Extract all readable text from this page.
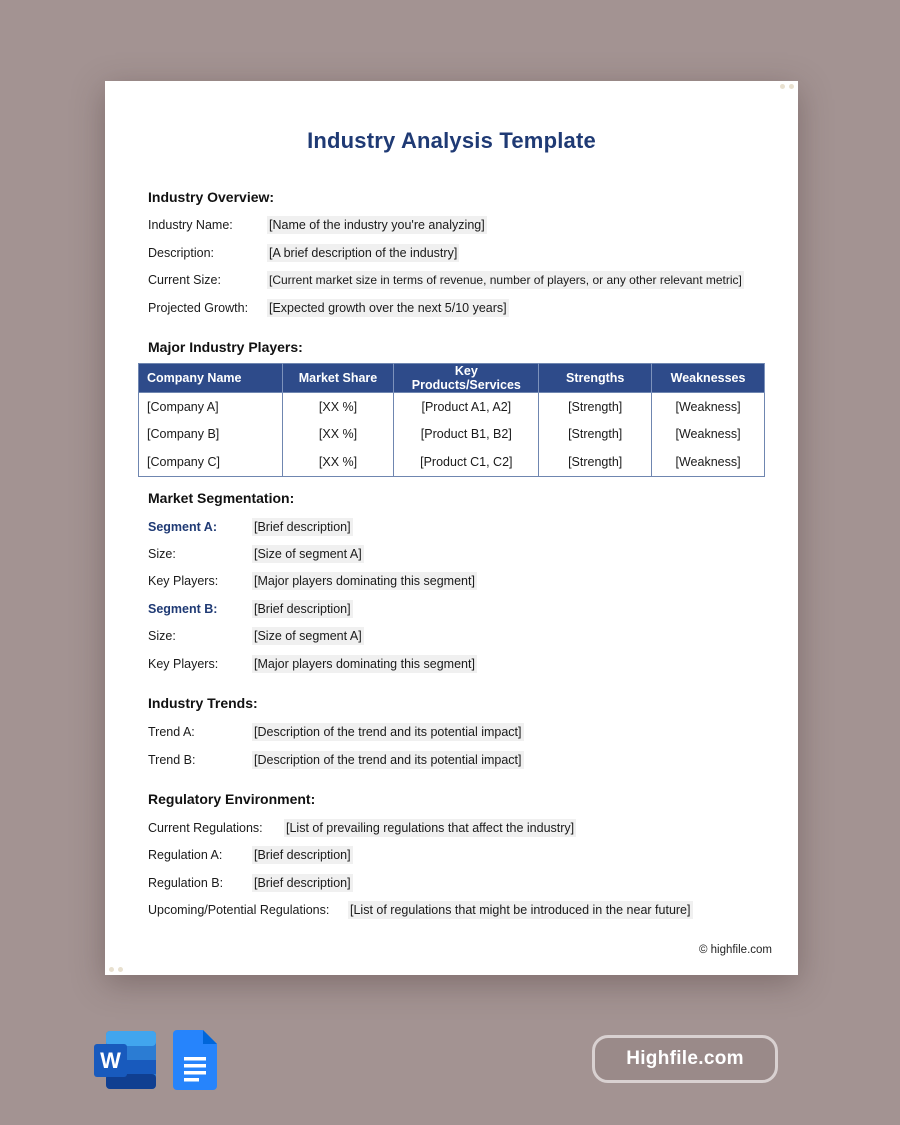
Industry Analysis Template
Industry Overview:
Industry Name:	[Name of the industry you're analyzing]
Description:	[A brief description of the industry]
Current Size:	[Current market size in terms of revenue, number of players, or any other relevant metric]
Projected Growth: [Expected growth over the next 5/10 years]
Major Industry Players:
Company Name	Market Share	Key Products/Services	Strengths	Weaknesses
[Company A]	[XX %]	[Product A1, A2]	[Strength]	[Weakness]
[Company B]	[XX %]	[Product B1, B2]	[Strength]	[Weakness]
[Company C]	[XX %]	[Product C1, C2]	[Strength]	[Weakness]
Market Segmentation:
Segment A:	[Brief description]
Size:	[Size of segment A]
Key Players:	[Major players dominating this segment]
Segment B:	[Brief description]
Size:	[Size of segment A]
Key Players:	[Major players dominating this segment]
Industry Trends:
Trend A:	[Description of the trend and its potential impact]
Trend B:	[Description of the trend and its potential impact]
Regulatory Environment:
Current Regulations: [List of prevailing regulations that affect the industry]
Regulation A:	[Brief description]
Regulation B: [Brief description]
Upcoming/Potential Regulations: [List of regulations that might be introduced in the near future]
© highfile.com
W	Highfile.com
